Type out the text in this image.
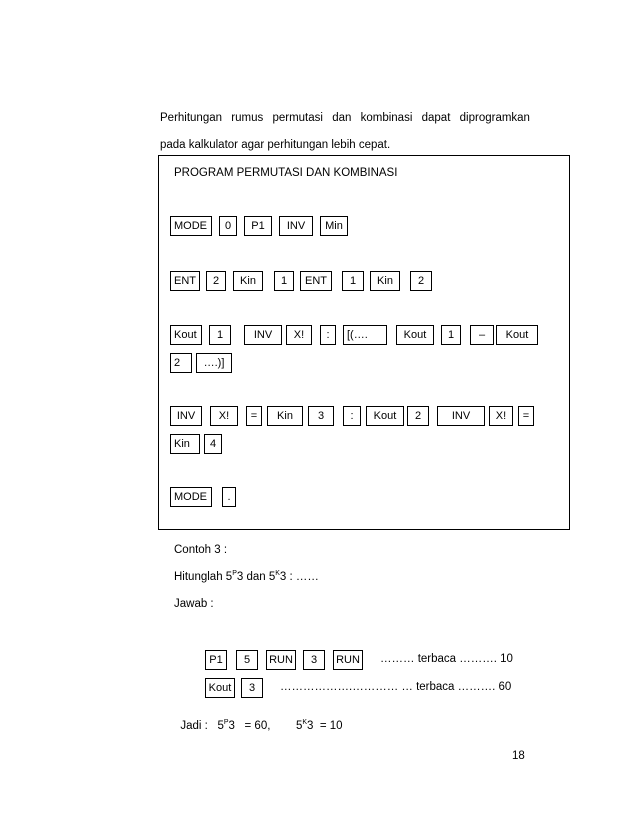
Perhitungan rumus permutasi dan kombinasi dapat diprogramkan
pada kalkulator agar perhitungan lebih cepat.
PROGRAM PERMUTASI DAN KOMBINASI
MODE	0	P1	INV	Min
ENT	2	Kin	1	ENT	1	Kin	2
Kout	1	INV	X!	:	[(….	Kout	1	–	Kout
2	….)]
INV	X!	=	Kin	3	:	Kout	2	INV	X!	=
Kin	4
MODE	.
Contoh 3 :
Hitunglah $5^P3$ dan $5^K3$ : ……
Jawab :
P1	5	RUN	3	RUN ……… terbaca ………. 10
Kout	3	……………….………… … terbaca ………. 60

Jadi :   $5^P3 = 60$,        $5^K3 = 10$

18
